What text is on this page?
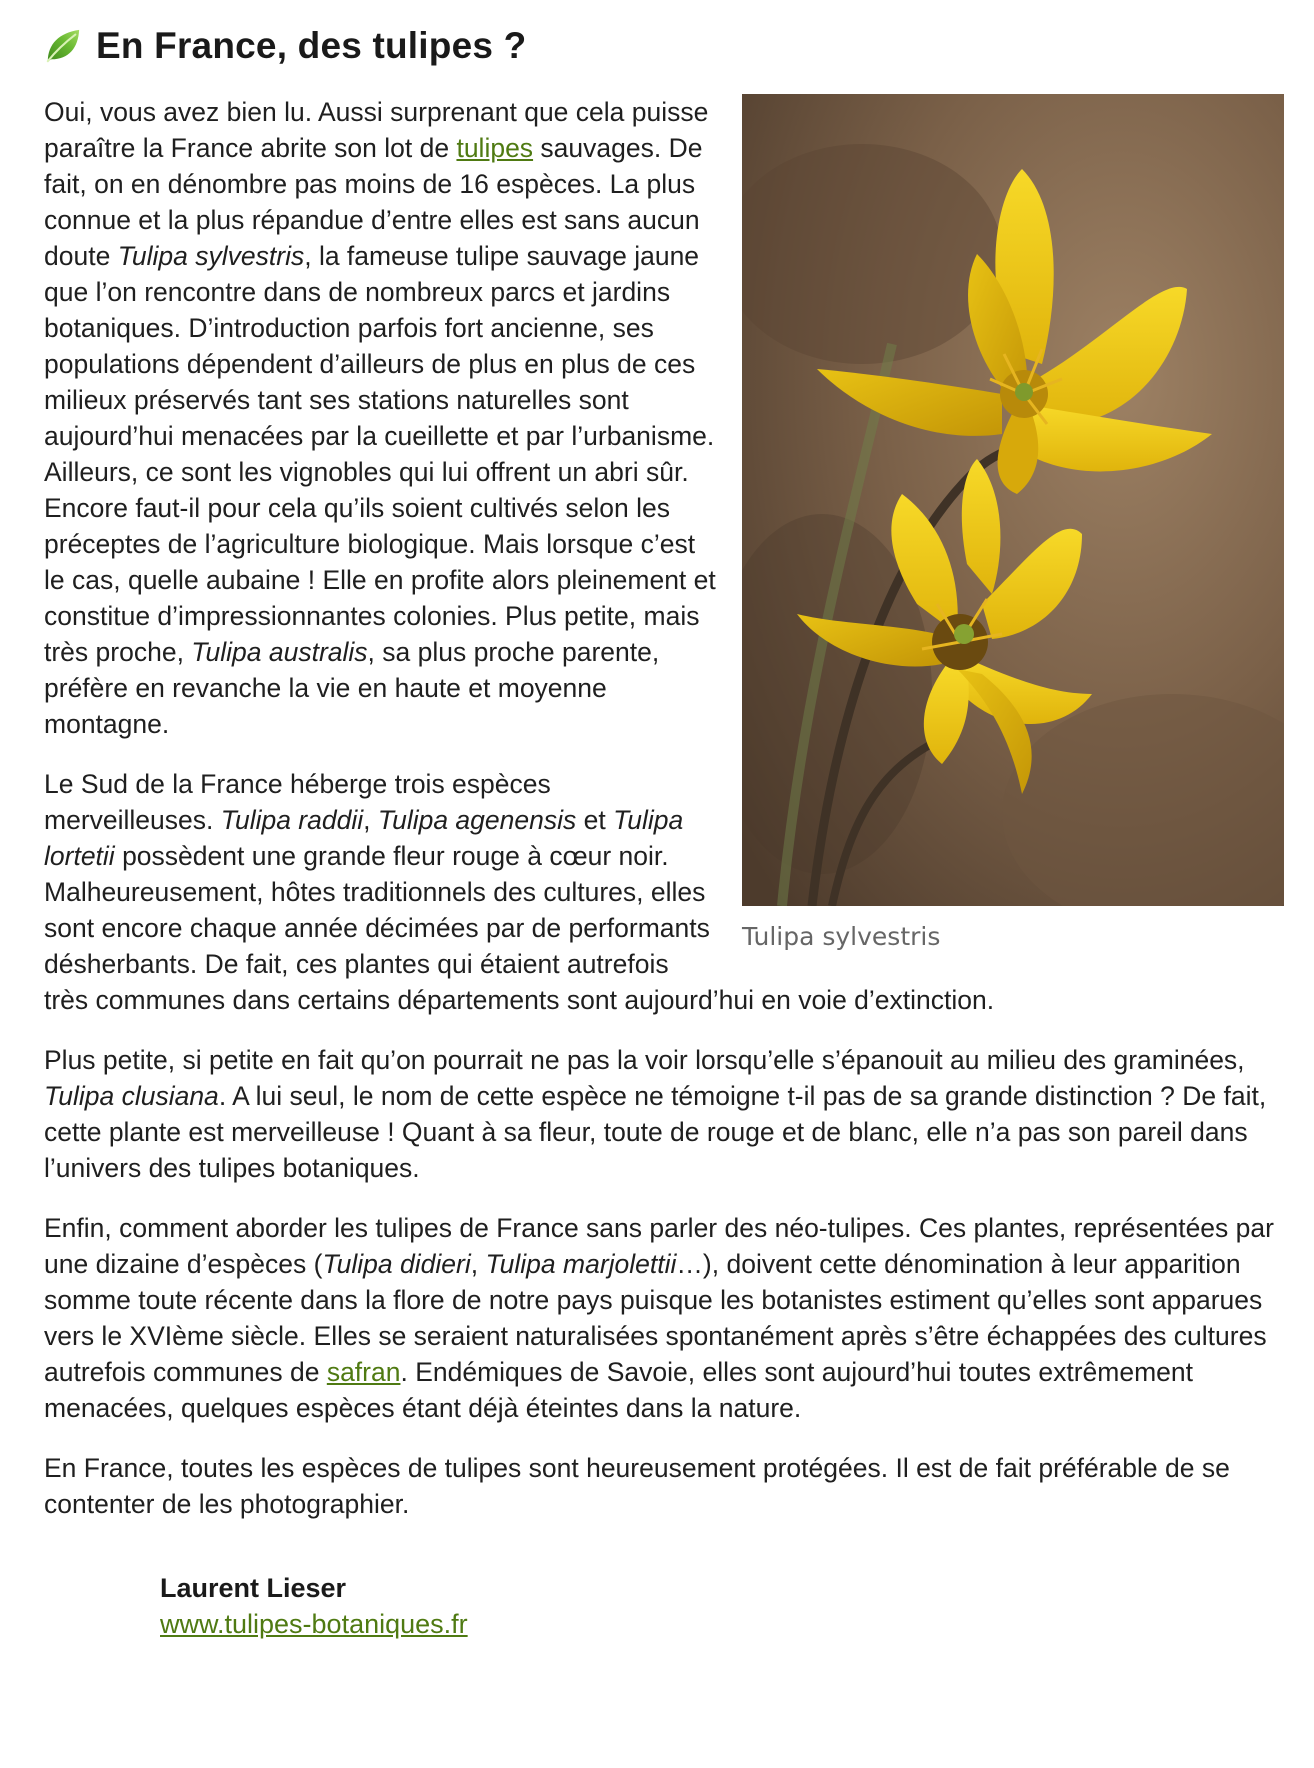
En France, des tulipes ?
Tulipa sylvestris

Oui, vous avez bien lu. Aussi surprenant que cela puisse paraître la France abrite son lot de tulipes sauvages. De fait, on en dénombre pas moins de 16 espèces. La plus connue et la plus répandue d’entre elles est sans aucun doute Tulipa sylvestris, la fameuse tulipe sauvage jaune que l’on rencontre dans de nombreux parcs et jardins botaniques. D’introduction parfois fort ancienne, ses populations dépendent d’ailleurs de plus en plus de ces milieux préservés tant ses stations naturelles sont aujourd’hui menacées par la cueillette et par l’urbanisme. Ailleurs, ce sont les vignobles qui lui offrent un abri sûr. Encore faut-il pour cela qu’ils soient cultivés selon les préceptes de l’agriculture biologique. Mais lorsque c’est le cas, quelle aubaine ! Elle en profite alors pleinement et constitue d’impressionnantes colonies. Plus petite, mais très proche, Tulipa australis, sa plus proche parente, préfère en revanche la vie en haute et moyenne montagne.

Le Sud de la France héberge trois espèces merveilleuses. Tulipa raddii, Tulipa agenensis et Tulipa lortetii possèdent une grande fleur rouge à cœur noir. Malheureusement, hôtes traditionnels des cultures, elles sont encore chaque année décimées par de performants désherbants. De fait, ces plantes qui étaient autrefois très communes dans certains départements sont aujourd’hui en voie d’extinction.

Plus petite, si petite en fait qu’on pourrait ne pas la voir lorsqu’elle s’épanouit au milieu des graminées, Tulipa clusiana. A lui seul, le nom de cette espèce ne témoigne t-il pas de sa grande distinction ? De fait, cette plante est merveilleuse ! Quant à sa fleur, toute de rouge et de blanc, elle n’a pas son pareil dans l’univers des tulipes botaniques.

Enfin, comment aborder les tulipes de France sans parler des néo-tulipes. Ces plantes, représentées par une dizaine d’espèces (Tulipa didieri, Tulipa marjolettii…), doivent cette dénomination à leur apparition somme toute récente dans la flore de notre pays puisque les botanistes estiment qu’elles sont apparues vers le XVIème siècle. Elles se seraient naturalisées spontanément après s’être échappées des cultures autrefois communes de safran. Endémiques de Savoie, elles sont aujourd’hui toutes extrêmement menacées, quelques espèces étant déjà éteintes dans la nature.

En France, toutes les espèces de tulipes sont heureusement protégées. Il est de fait préférable de se contenter de les photographier.

Laurent Lieser
www.tulipes-botaniques.fr
